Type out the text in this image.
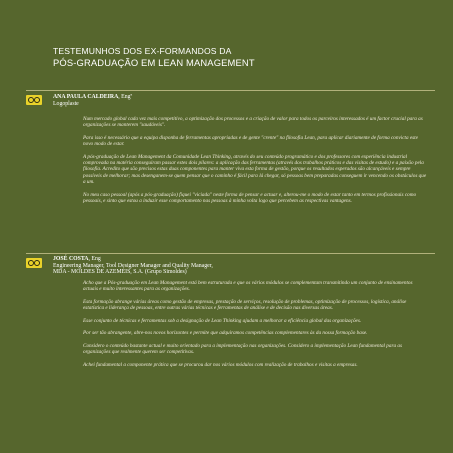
TESTEMUNHOS DOS EX-FORMANDOS DA
PÓS-GRADUAÇÃO EM LEAN MANAGEMENT
ANA PAULA CALDEIRA, Engª
Logoplaste

Num mercado global cada vez mais competitivo, a optimização dos processos e a criação de valor para todos os parceiros interessados é um factor crucial para as organizações se manterem "saudáveis".

Para isso é necessário que a equipa disponha de ferramentas apropriadas e de gente "crente" na filosofia Lean, para aplicar diariamente de forma convicta este novo modo de estar.

A pós-graduação de Lean Management da Comunidade Lean Thinking, através do seu conteúdo programático e dos professores com experiência industrial comprovada na matéria conseguiram passar estes dois pilares: a aplicação das ferramentas (através dos trabalhos práticos e das visitas de estudo) e a paixão pela filosofia. Acredito que são precisos estas duas componentes para manter viva esta forma de gestão, porque os resultados esperados são alcançáveis e sempre possíveis de melhorar; mas desenganem-se quem pensar que o caminho é fácil para lá chegar, só pessoas bem preparadas conseguem ir vencendo os obstáculos que a um.

No meu caso pessoal (após a pós-graduação) fiquei "viciada" neste forma de pensar e actuar e, alterou-me o modo de estar tanto em termos profissionais como pessoais, e sinto que estou a induzir esse comportamento nas pessoas à minha volta logo que percebem as respectivas vantagens.

JOSÉ COSTA, Eng
Engineering Manager, Tool Designer Manager and Quality Manager,
MDA - MOLDES DE AZEMÉIS, S.A. (Grupo Simoldes)

Acho que a Pós-graduação em Lean Management está bem estruturada e que os vários módulos se complementam transmitindo um conjunto de ensinamentos actuais e muito interessantes para as organizações.

Esta formação abrange várias áreas como gestão de empresas, prestação de serviços, resolução de problemas, optimização de processos, logística, análise estatística e liderança de pessoas, entre outras várias técnicas e ferramentas de análise e de decisão nas diversas áreas.

Esse conjunto de técnicas e ferramentas sob a designação de Lean Thinking ajudam a melhorar a eficiência global das organizações.

Por ser tão abrangente, abre-nos novos horizontes e permite que adquiramos competências complementares às da nossa formação base.

Considero o conteúdo bastante actual e muito orientado para a implementação nas organizações. Considero a implementação Lean fundamental para as organizações que realmente querem ser competitivas.

Achei fundamental a componente prática que se procurou dar nos vários módulos com realização de trabalhos e visitas a empresas.
